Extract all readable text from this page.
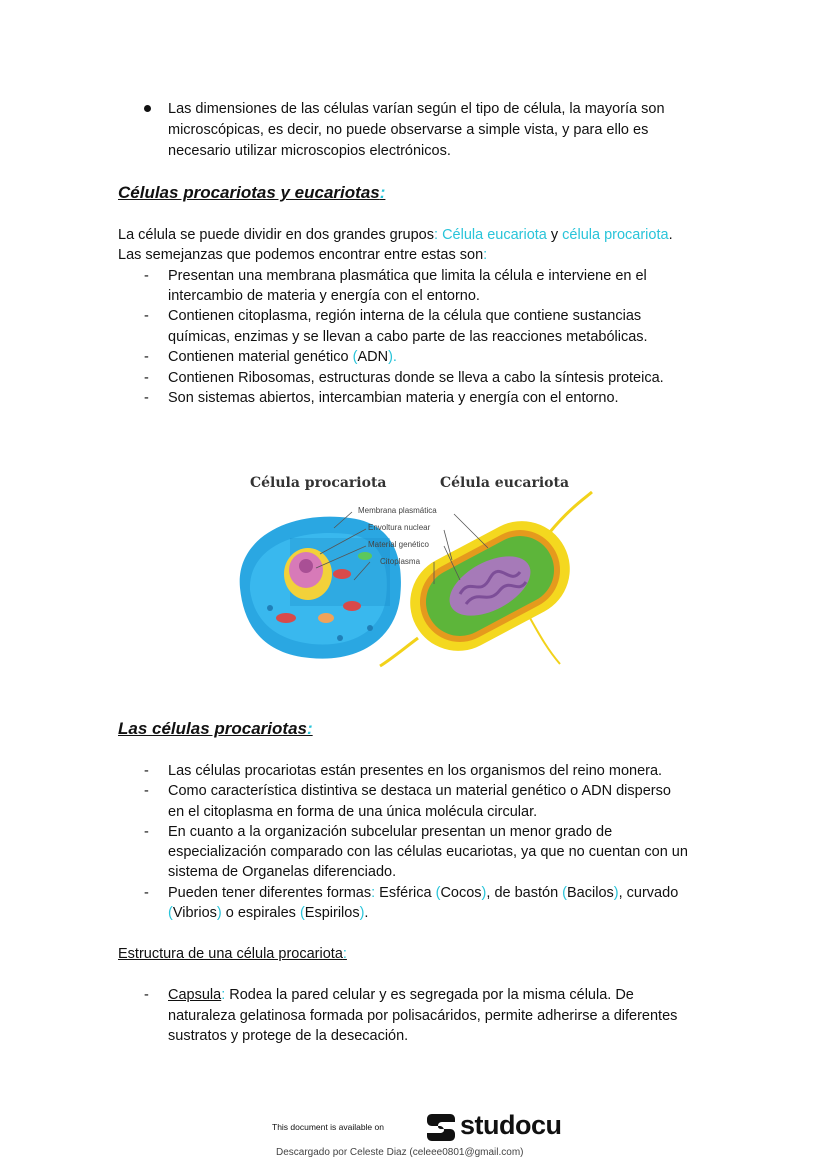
Las dimensiones de las células varían según el tipo de célula, la mayoría son
microscópicas, es decir, no puede observarse a simple vista, y para ello es
necesario utilizar microscopios electrónicos.
Células procariotas y eucariotas:
La célula se puede dividir en dos grandes grupos: Célula eucariota y célula procariota.
Las semejanzas que podemos encontrar entre estas son:
- Presentan una membrana plasmática que limita la célula e interviene en el
intercambio de materia y energía con el entorno.
- Contienen citoplasma, región interna de la célula que contiene sustancias
químicas, enzimas y se llevan a cabo parte de las reacciones metabólicas.
- Contienen material genético (ADN).
- Contienen Ribosomas, estructuras donde se lleva a cabo la síntesis proteica.
- Son sistemas abiertos, intercambian materia y energía con el entorno.
Célula procariota	Célula eucariota
Membrana plasmática
Envoltura nuclear
Material genético
Citoplasma
Las células procariotas:
- Las células procariotas están presentes en los organismos del reino monera.
- Como característica distintiva se destaca un material genético o ADN disperso
en el citoplasma en forma de una única molécula circular.
- En cuanto a la organización subcelular presentan un menor grado de
especialización comparado con las células eucariotas, ya que no cuentan con un
sistema de Organelas diferenciado.
- Pueden tener diferentes formas: Esférica (Cocos), de bastón (Bacilos), curvado
(Vibrios) o espirales (Espirilos).
Estructura de una célula procariota:
- Capsula: Rodea la pared celular y es segregada por la misma célula. De
naturaleza gelatinosa formada por polisacáridos, permite adherirse a diferentes
sustratos y protege de la desecación.
This document is available on	studocu
Descargado por Celeste Diaz (celeee0801@gmail.com)
